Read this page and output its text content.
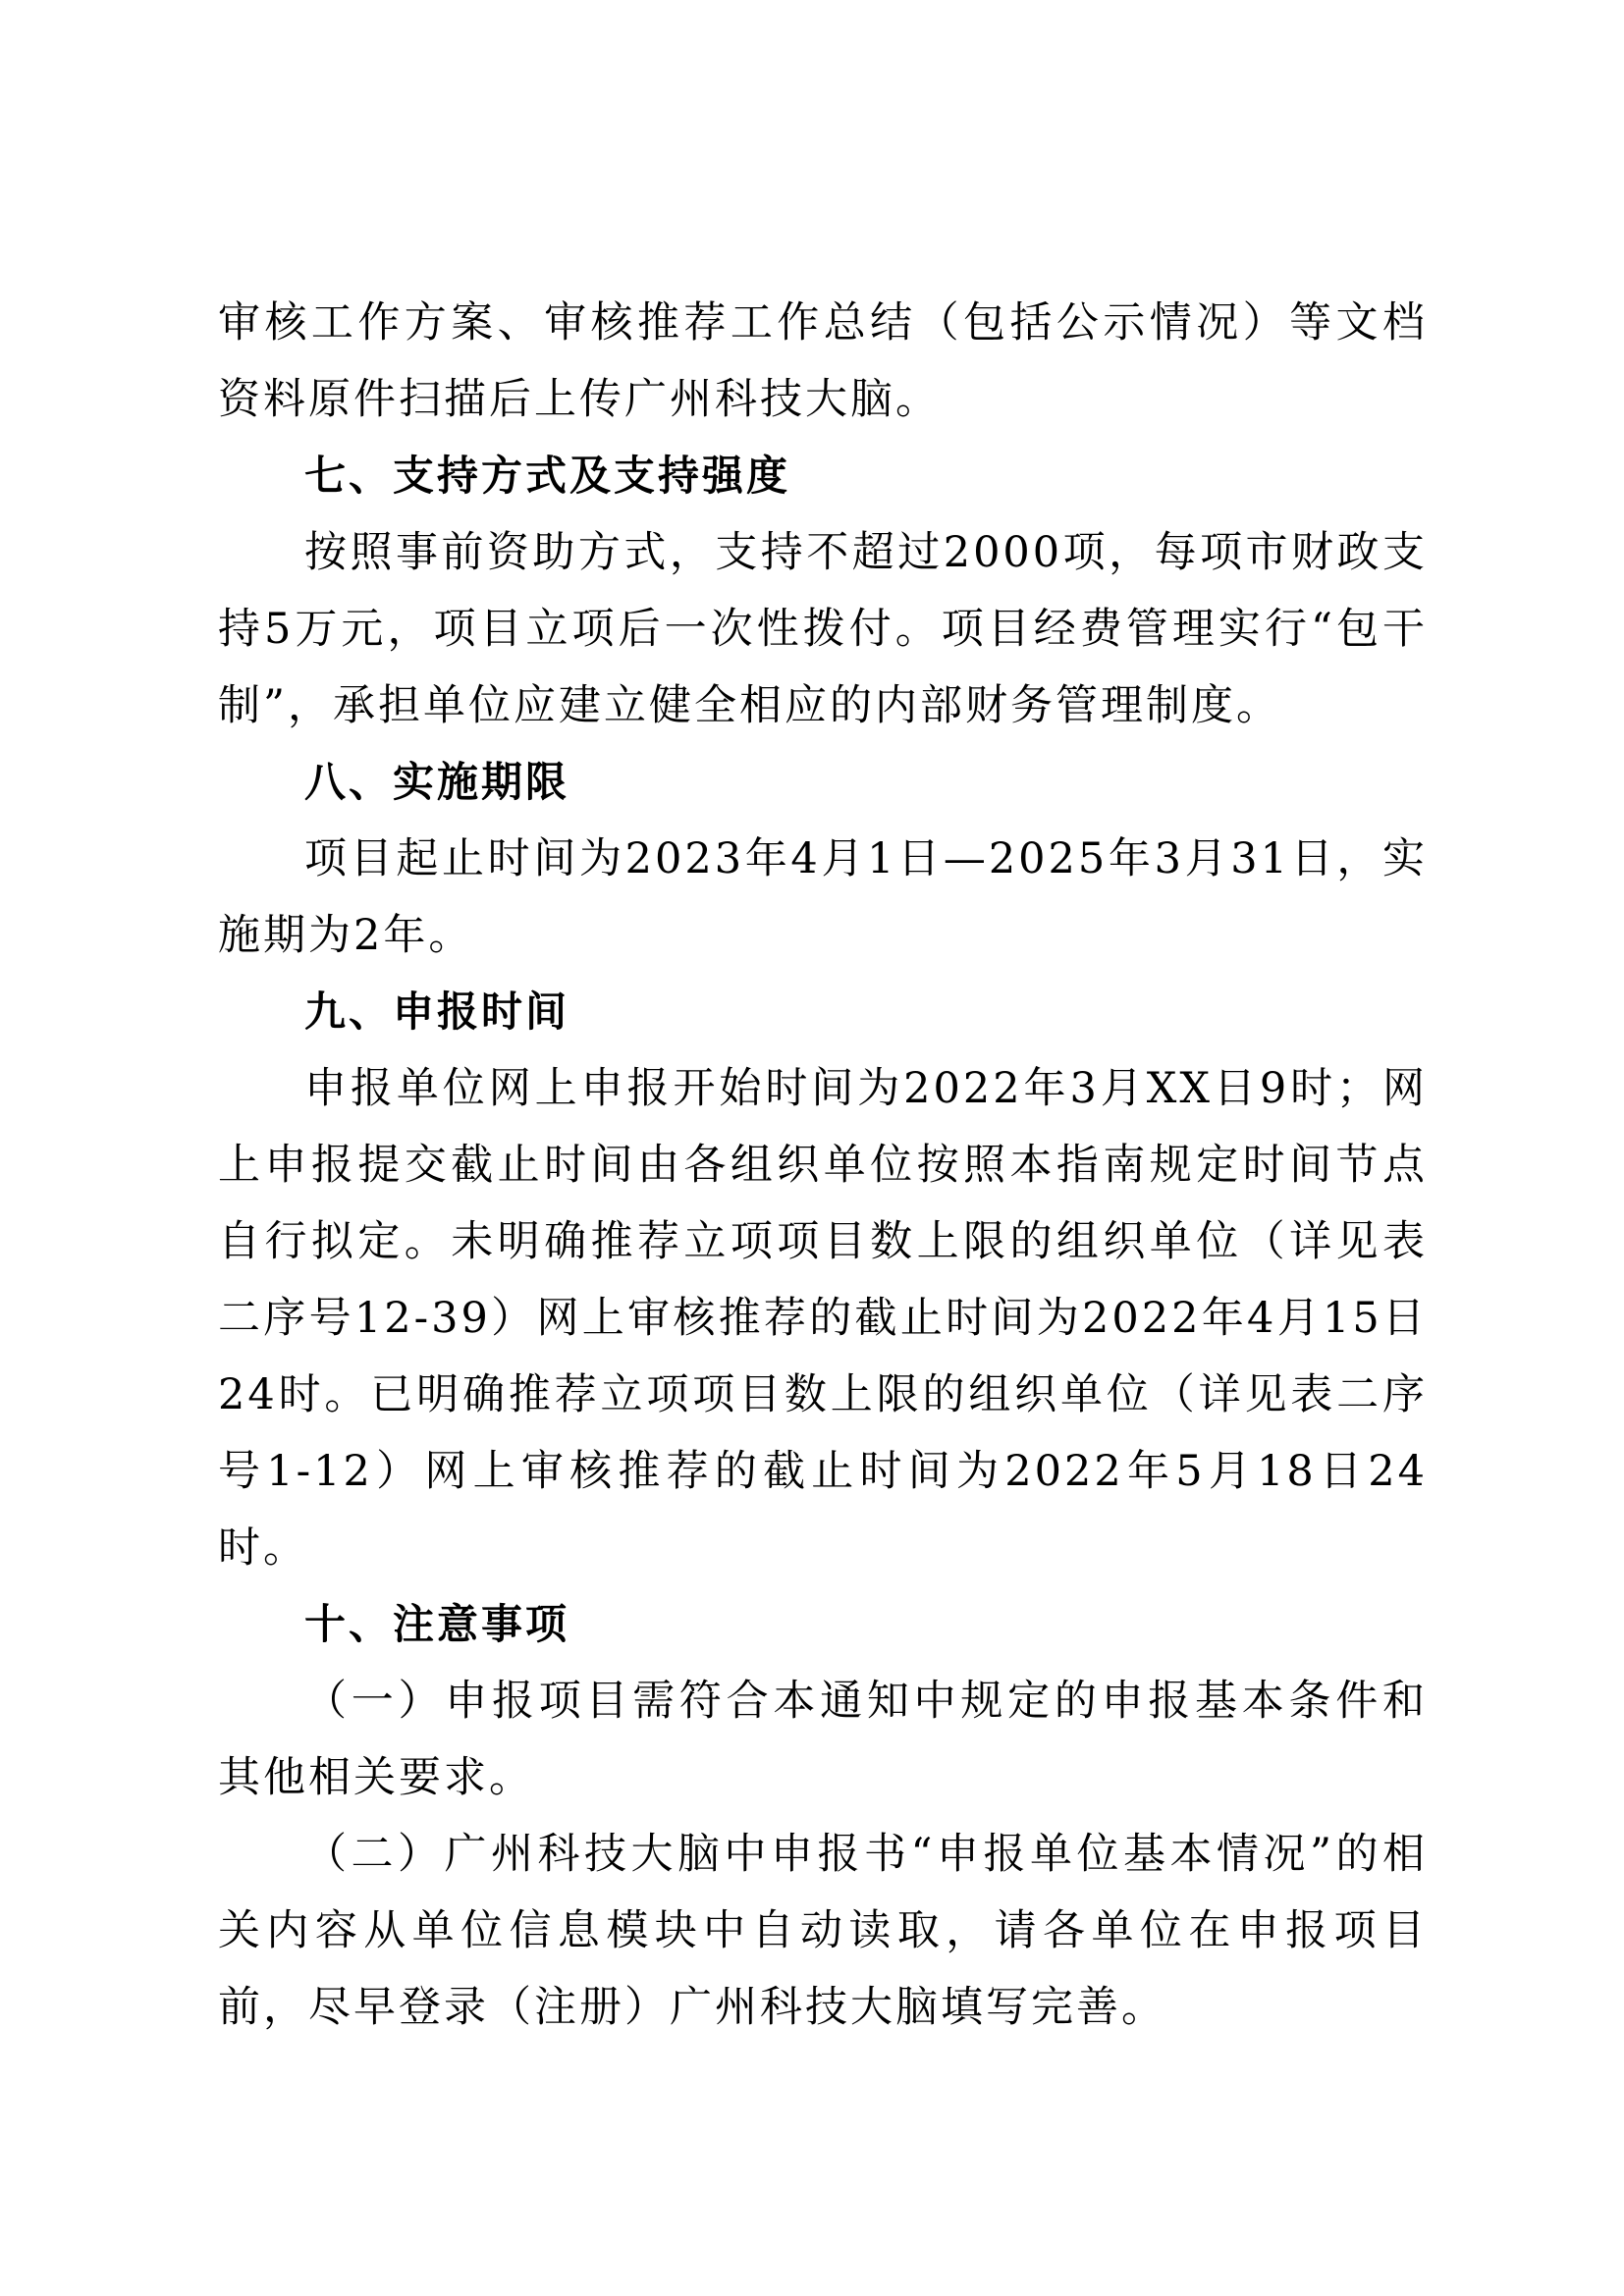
审核工作方案、审核推荐工作总结（包括公示情况）等文档资料原件扫描后上传广州科技大脑。

七、支持方式及支持强度

按照事前资助方式，支持不超过2000项，每项市财政支持5万元，项目立项后一次性拨付。项目经费管理实行“包干制”，承担单位应建立健全相应的内部财务管理制度。

八、实施期限

项目起止时间为2023年4月1日—2025年3月31日，实施期为2年。

九、申报时间

申报单位网上申报开始时间为2022年3月XX日9时；网上申报提交截止时间由各组织单位按照本指南规定时间节点自行拟定。未明确推荐立项项目数上限的组织单位（详见表二序号12-39）网上审核推荐的截止时间为2022年4月15日24时。已明确推荐立项项目数上限的组织单位（详见表二序号1-12）网上审核推荐的截止时间为2022年5月18日24时。

十、注意事项

（一）申报项目需符合本通知中规定的申报基本条件和其他相关要求。

（二）广州科技大脑中申报书“申报单位基本情况”的相关内容从单位信息模块中自动读取，请各单位在申报项目前，尽早登录（注册）广州科技大脑填写完善。
